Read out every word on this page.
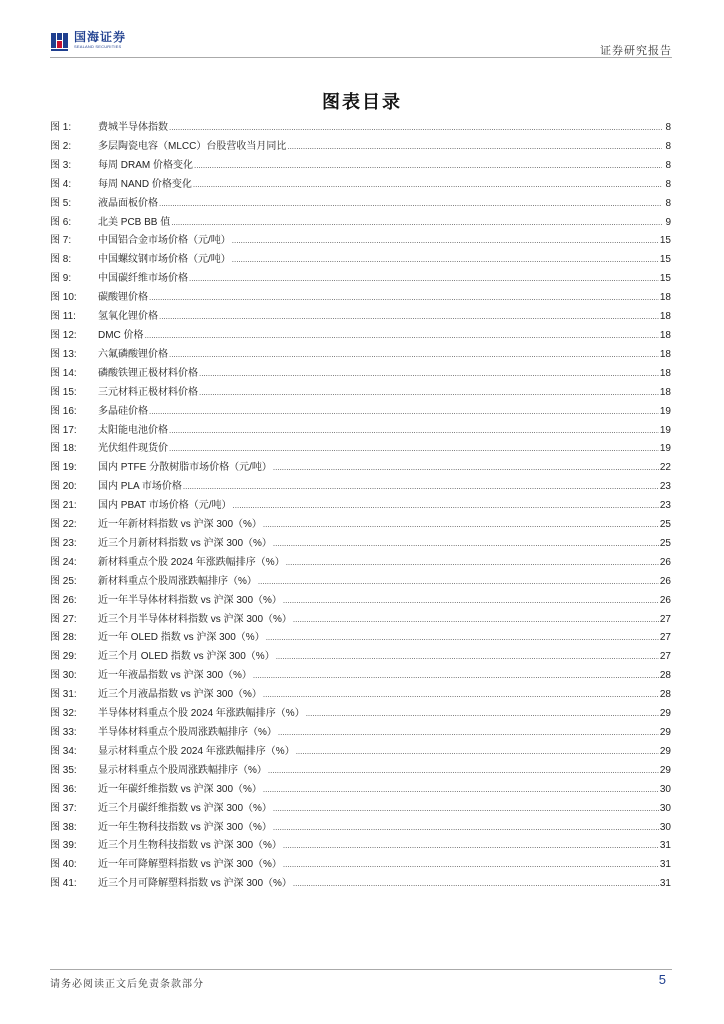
国海证券
SEALAND SECURITIES	证券研究报告
图表目录
图 1:	费城半导体指数 .....	8
图 2:	多层陶瓷电容（MLCC）台股营收当月同比 .....	8
图 3:	每周 DRAM 价格变化 .....	8
图 4:	每周 NAND 价格变化 .....	8
图 5:	液晶面板价格 .....	8
图 6:	北美 PCB BB 值 .....	9
图 7:	中国铝合金市场价格（元/吨） .....	15
图 8:	中国螺纹钢市场价格（元/吨） .....	15
图 9:	中国碳纤维市场价格 .....	15
图 10:	碳酸锂价格 .....	18
图 11:	氢氧化锂价格 .....	18
图 12:	DMC 价格 .....	18
图 13:	六氟磷酸锂价格 .....	18
图 14:	磷酸铁锂正极材料价格 .....	18
图 15:	三元材料正极材料价格 .....	18
图 16:	多晶硅价格 .....	19
图 17:	太阳能电池价格 .....	19
图 18:	光伏组件现货价 .....	19
图 19:	国内 PTFE 分散树脂市场价格（元/吨） .....	22
图 20:	国内 PLA 市场价格 .....	23
图 21:	国内 PBAT 市场价格（元/吨） .....	23
图 22:	近一年新材料指数 vs 沪深 300（%） .....	25
图 23:	近三个月新材料指数 vs 沪深 300（%） .....	25
图 24:	新材料重点个股 2024 年涨跌幅排序（%） .....	26
图 25:	新材料重点个股周涨跌幅排序（%） .....	26
图 26:	近一年半导体材料指数 vs 沪深 300（%） .....	26
图 27:	近三个月半导体材料指数 vs 沪深 300（%） .....	27
图 28:	近一年 OLED 指数 vs 沪深 300（%） .....	27
图 29:	近三个月 OLED 指数 vs 沪深 300（%） .....	27
图 30:	近一年液晶指数 vs 沪深 300（%） .....	28
图 31:	近三个月液晶指数 vs 沪深 300（%） .....	28
图 32:	半导体材料重点个股 2024 年涨跌幅排序（%） .....	29
图 33:	半导体材料重点个股周涨跌幅排序（%） .....	29
图 34:	显示材料重点个股 2024 年涨跌幅排序（%） .....	29
图 35:	显示材料重点个股周涨跌幅排序（%） .....	29
图 36:	近一年碳纤维指数 vs 沪深 300（%） .....	30
图 37:	近三个月碳纤维指数 vs 沪深 300（%） .....	30
图 38:	近一年生物科技指数 vs 沪深 300（%） .....	30
图 39:	近三个月生物科技指数 vs 沪深 300（%） .....	31
图 40:	近一年可降解塑料指数 vs 沪深 300（%） .....	31
图 41:	近三个月可降解塑料指数 vs 沪深 300（%） .....	31
请务必阅读正文后免责条款部分	5
